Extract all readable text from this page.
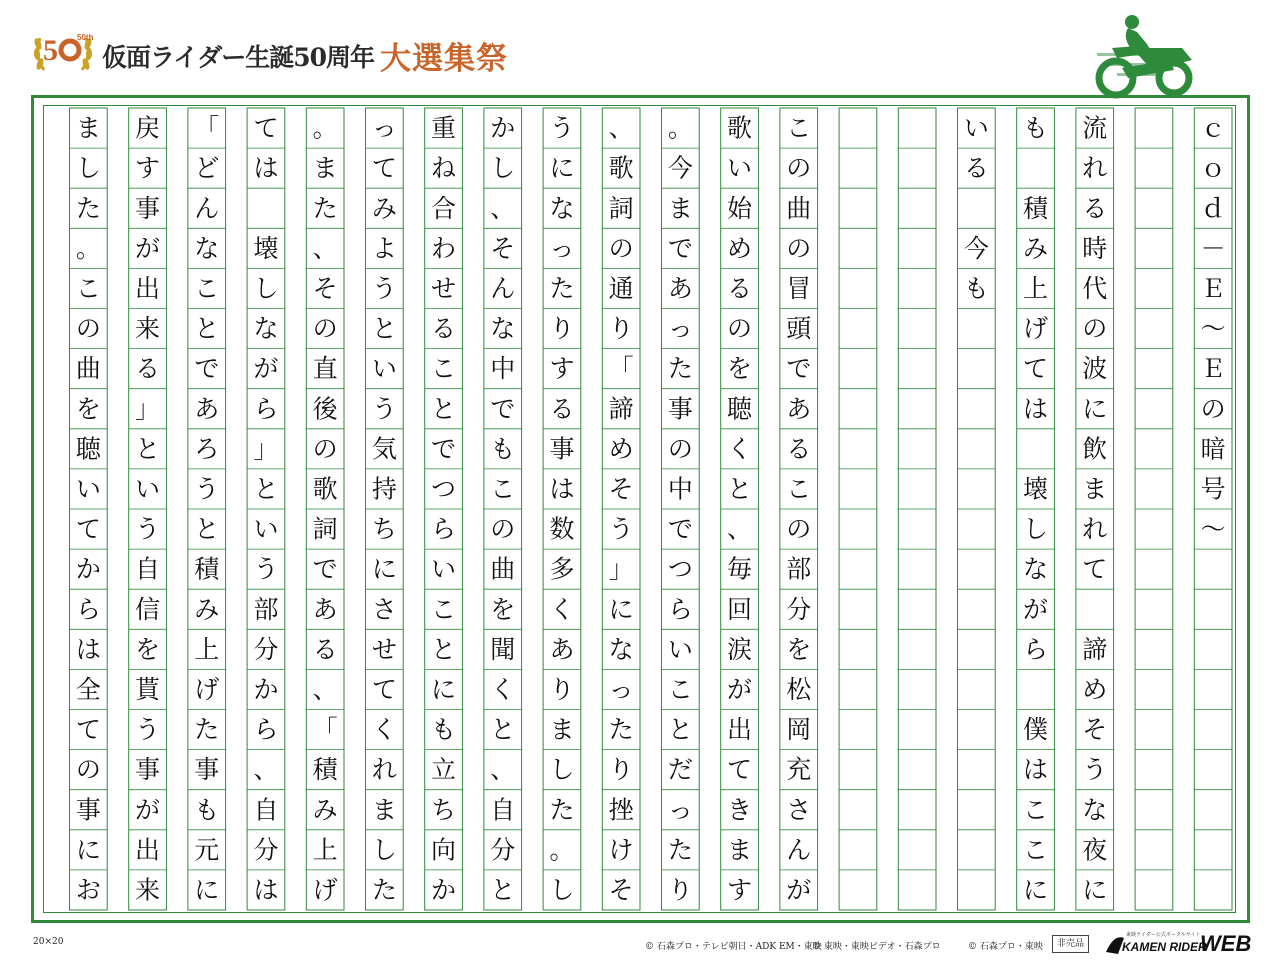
5 50th
仮面ライダー生誕50周年 大選集祭
ま
し
た
。
こ
の
曲
を
聴
い
て
か
ら
は
全
て
の
事
に
お
戻
す
事
が
出
来
る
」
と
い
う
自
信
を
貰
う
事
が
出
来
「
ど
ん
な
こ
と
で
あ
ろ
う
と
積
み
上
げ
た
事
も
元
に
て
は
壊
し
な
が
ら
」
と
い
う
部
分
か
ら
、
自
分
は
。
ま
た
、
そ
の
直
後
の
歌
詞
で
あ
る
、
「
積
み
上
げ
っ
て
み
よ
う
と
い
う
気
持
ち
に
さ
せ
て
く
れ
ま
し
た
重
ね
合
わ
せ
る
こ
と
で
つ
ら
い
こ
と
に
も
立
ち
向
か
か
し
、
そ
ん
な
中
で
も
こ
の
曲
を
聞
く
と
、
自
分
と
う
に
な
っ
た
り
す
る
事
は
数
多
く
あ
り
ま
し
た
。
し
、
歌
詞
の
通
り
「
諦
め
そ
う
」
に
な
っ
た
り
挫
け
そ
。
今
ま
で
あ
っ
た
事
の
中
で
つ
ら
い
こ
と
だ
っ
た
り
歌
い
始
め
る
の
を
聴
く
と
、
毎
回
涙
が
出
て
き
ま
す
こ
の
曲
の
冒
頭
で
あ
る
こ
の
部
分
を
松
岡
充
さ
ん
が
い
る
今
も
も
積
み
上
げ
て
は
壊
し
な
が
ら
僕
は
こ
こ
に
流
れ
る
時
代
の
波
に
飲
ま
れ
て
諦
め
そ
う
な
夜
に
ｃ
ｏ
ｄ
－
Ｅ
～
Ｅ
の
暗
号
～
20×20	© 石森プロ・テレビ朝日・ADK EM・東映
© 東映・東映ビデオ・石森プロ	© 石森プロ・東映	非売品
東映ライダー公式ポータルサイト
KAMEN RIDER
WEB
